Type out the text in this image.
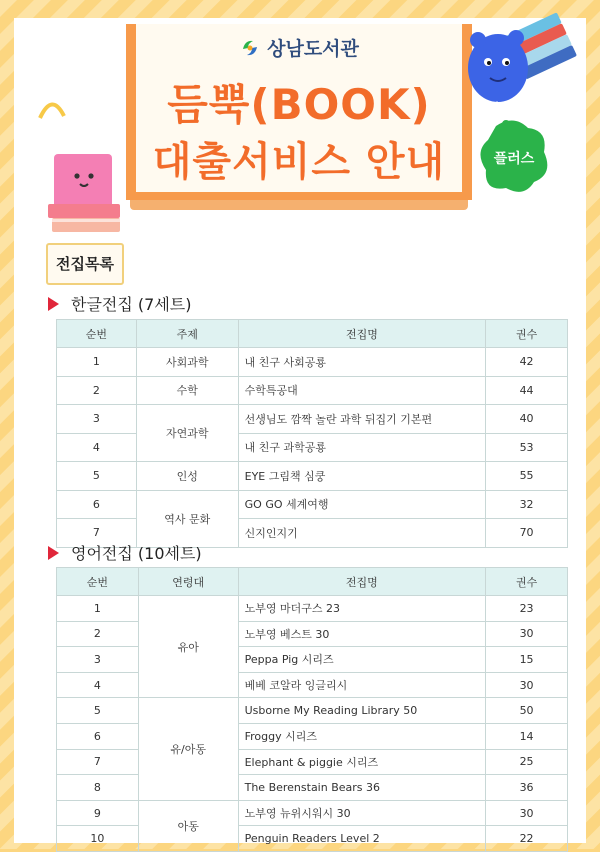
상남도서관
듬뿍(BOOK)
대출서비스 안내	플러스
전집목록
한글전집 (7세트)
순번	주제	전집명	권수
1	사회과학	내 친구 사회공룡	42
2	수학	수학특공대	44
3	자연과학	선생님도 깜짝 놀란 과학 뒤집기 기본편	40
4		내 친구 과학공룡	53
5	인성	EYE 그림책 심쿵	55
6	역사 문화	GO GO 세계여행	32
7		신지인지기	70
영어전집 (10세트)
순번	연령대	전집명	권수
1	유아	노부영 마더구스 23	23
2		노부영 베스트 30	30
3		Peppa Pig 시리즈	15
4		베베 코알라 잉글리시	30
5	유/아동	Usborne My Reading Library 50	50
6		Froggy 시리즈	14
7		Elephant & piggie 시리즈	25
8		The Berenstain Bears 36	36
9	아동	노부영 뉴위시워시 30	30
10		Penguin Readers Level 2	22
